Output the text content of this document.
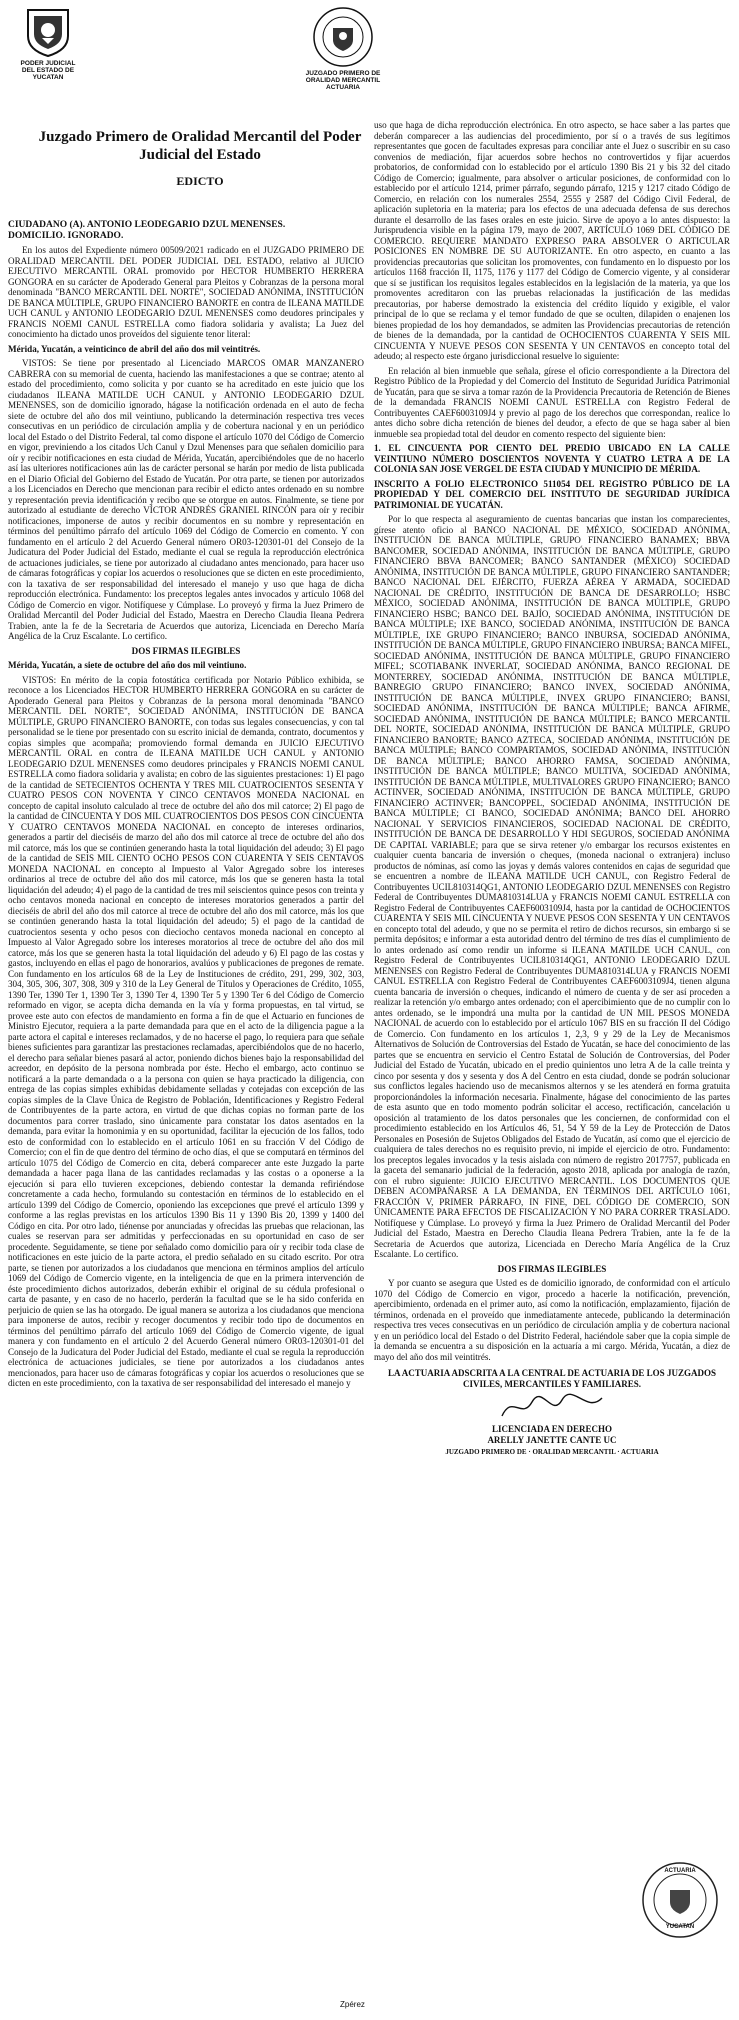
PODER JUDICIAL
DEL ESTADO DE
YUCATAN
JUZGADO PRIMERO DE
ORALIDAD MERCANTIL
ACTUARIA
Juzgado Primero de Oralidad Mercantil del Poder Judicial del Estado
EDICTO

CIUDADANO (A). ANTONIO LEODEGARIO DZUL MENENSES.
DOMICILIO. IGNORADO.

En los autos del Expediente número 00509/2021 radicado en el JUZGADO PRIMERO DE ORALIDAD MERCANTIL DEL PODER JUDICIAL DEL ESTADO, relativo al JUICIO EJECUTIVO MERCANTIL ORAL promovido por HECTOR HUMBERTO HERRERA GONGORA en su carácter de Apoderado General para Pleitos y Cobranzas de la persona moral denominada "BANCO MERCANTIL DEL NORTE", SOCIEDAD ANÓNIMA, INSTITUCIÓN DE BANCA MÚLTIPLE, GRUPO FINANCIERO BANORTE en contra de ILEANA MATILDE UCH CANUL y ANTONIO LEODEGARIO DZUL MENENSES como deudores principales y FRANCIS NOEMI CANUL ESTRELLA como fiadora solidaria y avalista; La Juez del conocimiento ha dictado unos proveídos del siguiente tenor literal:

Mérida, Yucatán, a veinticinco de abril del año dos mil veintitrés.

VISTOS: Se tiene por presentado al Licenciado MARCOS OMAR MANZANERO CABRERA con su memorial de cuenta, haciendo las manifestaciones a que se contrae; atento al estado del procedimiento, como solicita y por cuanto se ha acreditado en este juicio que los ciudadanos ILEANA MATILDE UCH CANUL y ANTONIO LEODEGARIO DZUL MENENSES, son de domicilio ignorado, hágase la notificación ordenada en el auto de fecha siete de octubre del año dos mil veintiuno, publicando la determinación respectiva tres veces consecutivas en un periódico de circulación amplia y de cobertura nacional y en un periódico local del Estado o del Distrito Federal, tal como dispone el artículo 1070 del Código de Comercio en vigor, previniendo a los citados Uch Canul y Dzul Menenses para que señalen domicilio para oír y recibir notificaciones en esta ciudad de Mérida, Yucatán, apercibiéndoles que de no hacerlo así las ulteriores notificaciones aún las de carácter personal se harán por medio de lista publicada en el Diario Oficial del Gobierno del Estado de Yucatán. Por otra parte, se tienen por autorizados a los Licenciados en Derecho que mencionan para recibir el edicto antes ordenado en su nombre y representación previa identificación y recibo que se otorgue en autos. Finalmente, se tiene por autorizado al estudiante de derecho VÍCTOR ANDRÉS GRANIEL RINCÓN para oír y recibir notificaciones, imponerse de autos y recibir documentos en su nombre y representación en términos del penúltimo párrafo del artículo 1069 del Código de Comercio en comento. Y con fundamento en el artículo 2 del Acuerdo General número OR03-120301-01 del Consejo de la Judicatura del Poder Judicial del Estado, mediante el cual se regula la reproducción electrónica de actuaciones judiciales, se tiene por autorizado al ciudadano antes mencionado, para hacer uso de cámaras fotográficas y copiar los acuerdos o resoluciones que se dicten en este procedimiento, con la taxativa de ser responsabilidad del interesado el manejo y uso que haga de dicha reproducción electrónica. Fundamento: los preceptos legales antes invocados y artículo 1068 del Código de Comercio en vigor. Notifíquese y Cúmplase. Lo proveyó y firma la Juez Primero de Oralidad Mercantil del Poder Judicial del Estado, Maestra en Derecho Claudia Ileana Pedrera Trabien, ante la fe de la Secretaria de Acuerdos que autoriza, Licenciada en Derecho María Angélica de la Cruz Escalante. Lo certifico.

DOS FIRMAS ILEGIBLES

Mérida, Yucatán, a siete de octubre del año dos mil veintiuno.

VISTOS: En mérito de la copia fotostática certificada por Notario Público exhibida, se reconoce a los Licenciados HECTOR HUMBERTO HERRERA GONGORA en su carácter de Apoderado General para Pleitos y Cobranzas de la persona moral denominada "BANCO MERCANTIL DEL NORTE", SOCIEDAD ANÓNIMA, INSTITUCIÓN DE BANCA MÚLTIPLE, GRUPO FINANCIERO BANORTE, con todas sus legales consecuencias, y con tal personalidad se le tiene por presentado con su escrito inicial de demanda, contrato, documentos y copias simples que acompaña; promoviendo formal demanda en JUICIO EJECUTIVO MERCANTIL ORAL en contra de ILEANA MATILDE UCH CANUL y ANTONIO LEODEGARIO DZUL MENENSES como deudores principales y FRANCIS NOEMI CANUL ESTRELLA como fiadora solidaria y avalista; en cobro de las siguientes prestaciones: 1) El pago de la cantidad de SETECIENTOS OCHENTA Y TRES MIL CUATROCIENTOS SESENTA Y CUATRO PESOS CON NOVENTA Y CINCO CENTAVOS MONEDA NACIONAL en concepto de capital insoluto calculado al trece de octubre del año dos mil catorce; 2) El pago de la cantidad de CINCUENTA Y DOS MIL CUATROCIENTOS DOS PESOS CON CINCUENTA Y CUATRO CENTAVOS MONEDA NACIONAL en concepto de intereses ordinarios, generados a partir del dieciséis de marzo del año dos mil catorce al trece de octubre del año dos mil catorce, más los que se continúen generando hasta la total liquidación del adeudo; 3) El pago de la cantidad de SEIS MIL CIENTO OCHO PESOS CON CUARENTA Y SEIS CENTAVOS MONEDA NACIONAL en concepto al Impuesto al Valor Agregado sobre los intereses ordinarios al trece de octubre del año dos mil catorce, más los que se generen hasta la total liquidación del adeudo; 4) el pago de la cantidad de tres mil seiscientos quince pesos con treinta y ocho centavos moneda nacional en concepto de intereses moratorios generados a partir del dieciséis de abril del año dos mil catorce al trece de octubre del año dos mil catorce, más los que se continúen generando hasta la total liquidación del adeudo; 5) el pago de la cantidad de cuatrocientos sesenta y ocho pesos con dieciocho centavos moneda nacional en concepto al Impuesto al Valor Agregado sobre los intereses moratorios al trece de octubre del año dos mil catorce, más los que se generen hasta la total liquidación del adeudo y 6) El pago de las costas y gastos, incluyendo en ellas el pago de honorarios, avalúos y publicaciones de pregones de remate. Con fundamento en los artículos 68 de la Ley de Instituciones de crédito, 291, 299, 302, 303, 304, 305, 306, 307, 308, 309 y 310 de la Ley General de Títulos y Operaciones de Crédito, 1055, 1390 Ter, 1390 Ter 1, 1390 Ter 3, 1390 Ter 4, 1390 Ter 5 y 1390 Ter 6 del Código de Comercio reformado en vigor, se acepta dicha demanda en la vía y forma propuestas, en tal virtud, se provee este auto con efectos de mandamiento en forma a fin de que el Actuario en funciones de Ministro Ejecutor, requiera a la parte demandada para que en el acto de la diligencia pague a la parte actora el capital e intereses reclamados, y de no hacerse el pago, lo requiera para que señale bienes suficientes para garantizar las prestaciones reclamadas, apercibiéndolos que de no hacerlo, el derecho para señalar bienes pasará al actor, poniendo dichos bienes bajo la responsabilidad del acreedor, en depósito de la persona nombrada por éste. Hecho el embargo, acto continuo se notificará a la parte demandada o a la persona con quien se haya practicado la diligencia, con entrega de las copias simples exhibidas debidamente selladas y cotejadas con excepción de las copias simples de la Clave Única de Registro de Población, Identificaciones y Registro Federal de Contribuyentes de la parte actora, en virtud de que dichas copias no forman parte de los documentos para correr traslado, sino únicamente para constatar los datos asentados en la demanda, para evitar la homonimia y en su oportunidad, facilitar la ejecución de los fallos, todo esto de conformidad con lo establecido en el artículo 1061 en su fracción V del Código de Comercio; con el fin de que dentro del término de ocho días, el que se computará en términos del artículo 1075 del Código de Comercio en cita, deberá comparecer ante este Juzgado la parte demandada a hacer paga llana de las cantidades reclamadas y las costas o a oponerse a la ejecución si para ello tuvieren excepciones, debiendo contestar la demanda refiriéndose concretamente a cada hecho, formulando su contestación en términos de lo establecido en el artículo 1399 del Código de Comercio, oponiendo las excepciones que prevé el artículo 1399 y conforme a las reglas previstas en los artículos 1390 Bis 11 y 1390 Bis 20, 1399 y 1400 del Código en cita. Por otro lado, tiénense por anunciadas y ofrecidas las pruebas que relacionan, las cuales se reservan para ser admitidas y perfeccionadas en su oportunidad en caso de ser procedente. Seguidamente, se tiene por señalado como domicilio para oír y recibir toda clase de notificaciones en este juicio de la parte actora, el predio señalado en su citado escrito. Por otra parte, se tienen por autorizados a los ciudadanos que menciona en términos amplios del artículo 1069 del Código de Comercio vigente, en la inteligencia de que en la primera intervención de éste procedimiento dichos autorizados, deberán exhibir el original de su cédula profesional o carta de pasante, y en caso de no hacerlo, perderán la facultad que se le ha sido conferida en perjuicio de quien se las ha otorgado. De igual manera se autoriza a los ciudadanos que menciona para imponerse de autos, recibir y recoger documentos y recibir todo tipo de documentos en términos del penúltimo párrafo del artículo 1069 del Código de Comercio vigente, de igual manera y con fundamento en el artículo 2 del Acuerdo General número OR03-120301-01 del Consejo de la Judicatura del Poder Judicial del Estado, mediante el cual se regula la reproducción electrónica de actuaciones judiciales, se tiene por autorizados a los ciudadanos antes mencionados, para hacer uso de cámaras fotográficas y copiar los acuerdos o resoluciones que se dicten en este procedimiento, con la taxativa de ser responsabilidad del interesado el manejo y

uso que haga de dicha reproducción electrónica. En otro aspecto, se hace saber a las partes que deberán comparecer a las audiencias del procedimiento, por sí o a través de sus legítimos representantes que gocen de facultades expresas para conciliar ante el Juez o suscribir en su caso convenios de mediación, fijar acuerdos sobre hechos no controvertidos y fijar acuerdos probatorios, de conformidad con lo establecido por el artículo 1390 Bis 21 y bis 32 del citado Código de Comercio; igualmente, para absolver o articular posiciones, de conformidad con lo establecido por el artículo 1214, primer párrafo, segundo párrafo, 1215 y 1217 citado Código de Comercio, en relación con los numerales 2554, 2555 y 2587 del Código Civil Federal, de aplicación supletoria en la materia; para los efectos de una adecuada defensa de sus derechos durante el desarrollo de las fases orales en este juicio. Sirve de apoyo a lo antes dispuesto: la Jurisprudencia visible en la página 179, mayo de 2007, ARTÍCULO 1069 DEL CÓDIGO DE COMERCIO. REQUIERE MANDATO EXPRESO PARA ABSOLVER O ARTICULAR POSICIONES EN NOMBRE DE SU AUTORIZANTE. En otro aspecto, en cuanto a las providencias precautorias que solicitan los promoventes, con fundamento en lo dispuesto por los artículos 1168 fracción II, 1175, 1176 y 1177 del Código de Comercio vigente, y al considerar que sí se justifican los requisitos legales establecidos en la legislación de la materia, ya que los promoventes acreditaron con las pruebas relacionadas la justificación de las medidas precautorias, por haberse demostrado la existencia del crédito líquido y exigible, el valor principal de lo que se reclama y el temor fundado de que se oculten, dilapiden o enajenen los bienes propiedad de los hoy demandados, se admiten las Providencias precautorias de retención de bienes de la demandada, por la cantidad de OCHOCIENTOS CUARENTA Y SEIS MIL CINCUENTA Y NUEVE PESOS CON SESENTA Y UN CENTAVOS en concepto total del adeudo; al respecto este órgano jurisdiccional resuelve lo siguiente:

En relación al bien inmueble que señala, gírese el oficio correspondiente a la Directora del Registro Público de la Propiedad y del Comercio del Instituto de Seguridad Jurídica Patrimonial de Yucatán, para que se sirva a tomar razón de la Providencia Precautoria de Retención de Bienes de la demandada FRANCIS NOEMI CANUL ESTRELLA con Registro Federal de Contribuyentes CAEF6003109J4 y previo al pago de los derechos que correspondan, realice lo antes dicho sobre dicha retención de bienes del deudor, a efecto de que se haga saber al bien inmueble sea propiedad total del deudor en comento respecto del siguiente bien:

1. EL CINCUENTA POR CIENTO DEL PREDIO UBICADO EN LA CALLE VEINTIUNO NÚMERO DOSCIENTOS NOVENTA Y CUATRO LETRA A DE LA COLONIA SAN JOSE VERGEL DE ESTA CIUDAD Y MUNICIPIO DE MÉRIDA.

INSCRITO A FOLIO ELECTRONICO 511054 DEL REGISTRO PÚBLICO DE LA PROPIEDAD Y DEL COMERCIO DEL INSTITUTO DE SEGURIDAD JURÍDICA PATRIMONIAL DE YUCATÁN.

Por lo que respecta al aseguramiento de cuentas bancarias que instan los comparecientes, gírese atento oficio al BANCO NACIONAL DE MÉXICO, SOCIEDAD ANÓNIMA, INSTITUCIÓN DE BANCA MÚLTIPLE, GRUPO FINANCIERO BANAMEX; BBVA BANCOMER, SOCIEDAD ANÓNIMA, INSTITUCIÓN DE BANCA MÚLTIPLE, GRUPO FINANCIERO BBVA BANCOMER; BANCO SANTANDER (MÉXICO) SOCIEDAD ANÓNIMA, INSTITUCIÓN DE BANCA MÚLTIPLE, GRUPO FINANCIERO SANTANDER; BANCO NACIONAL DEL EJÉRCITO, FUERZA AÉREA Y ARMADA, SOCIEDAD NACIONAL DE CRÉDITO, INSTITUCIÓN DE BANCA DE DESARROLLO; HSBC MÉXICO, SOCIEDAD ANÓNIMA, INSTITUCIÓN DE BANCA MÚLTIPLE, GRUPO FINANCIERO HSBC; BANCO DEL BAJÍO, SOCIEDAD ANÓNIMA, INSTITUCIÓN DE BANCA MÚLTIPLE; IXE BANCO, SOCIEDAD ANÓNIMA, INSTITUCIÓN DE BANCA MÚLTIPLE, IXE GRUPO FINANCIERO; BANCO INBURSA, SOCIEDAD ANÓNIMA, INSTITUCIÓN DE BANCA MÚLTIPLE, GRUPO FINANCIERO INBURSA; BANCA MIFEL, SOCIEDAD ANÓNIMA, INSTITUCIÓN DE BANCA MÚLTIPLE, GRUPO FINANCIERO MIFEL; SCOTIABANK INVERLAT, SOCIEDAD ANÓNIMA, BANCO REGIONAL DE MONTERREY, SOCIEDAD ANÓNIMA, INSTITUCIÓN DE BANCA MÚLTIPLE, BANREGIO GRUPO FINANCIERO; BANCO INVEX, SOCIEDAD ANÓNIMA, INSTITUCIÓN DE BANCA MÚLTIPLE, INVEX GRUPO FINANCIERO; BANSI, SOCIEDAD ANÓNIMA, INSTITUCIÓN DE BANCA MÚLTIPLE; BANCA AFIRME, SOCIEDAD ANÓNIMA, INSTITUCIÓN DE BANCA MÚLTIPLE; BANCO MERCANTIL DEL NORTE, SOCIEDAD ANÓNIMA, INSTITUCIÓN DE BANCA MÚLTIPLE, GRUPO FINANCIERO BANORTE; BANCO AZTECA, SOCIEDAD ANÓNIMA, INSTITUCIÓN DE BANCA MÚLTIPLE; BANCO COMPARTAMOS, SOCIEDAD ANÓNIMA, INSTITUCIÓN DE BANCA MÚLTIPLE; BANCO AHORRO FAMSA, SOCIEDAD ANÓNIMA, INSTITUCIÓN DE BANCA MÚLTIPLE; BANCO MULTIVA, SOCIEDAD ANÓNIMA, INSTITUCIÓN DE BANCA MÚLTIPLE, MULTIVALORES GRUPO FINANCIERO; BANCO ACTINVER, SOCIEDAD ANÓNIMA, INSTITUCIÓN DE BANCA MÚLTIPLE, GRUPO FINANCIERO ACTINVER; BANCOPPEL, SOCIEDAD ANÓNIMA, INSTITUCIÓN DE BANCA MÚLTIPLE; CI BANCO, SOCIEDAD ANÓNIMA; BANCO DEL AHORRO NACIONAL Y SERVICIOS FINANCIEROS, SOCIEDAD NACIONAL DE CRÉDITO, INSTITUCIÓN DE BANCA DE DESARROLLO Y HDI SEGUROS, SOCIEDAD ANÓNIMA DE CAPITAL VARIABLE; para que se sirva retener y/o embargar los recursos existentes en cualquier cuenta bancaria de inversión o cheques, (moneda nacional o extranjera) incluso productos de nóminas, así como las joyas y demás valores contenidos en cajas de seguridad que se encuentren a nombre de ILEANA MATILDE UCH CANUL, con Registro Federal de Contribuyentes UCIL810314QG1, ANTONIO LEODEGARIO DZUL MENENSES con Registro Federal de Contribuyentes DUMA810314LUA y FRANCIS NOEMI CANUL ESTRELLA con Registro Federal de Contribuyentes CAEF6003109J4, hasta por la cantidad de OCHOCIENTOS CUARENTA Y SEIS MIL CINCUENTA Y NUEVE PESOS CON SESENTA Y UN CENTAVOS en concepto total del adeudo, y que no se permita el retiro de dichos recursos, sin embargo si se permita depósitos; e informar a esta autoridad dentro del término de tres días el cumplimiento de lo antes ordenado así como rendir un informe si ILEANA MATILDE UCH CANUL, con Registro Federal de Contribuyentes UCIL810314QG1, ANTONIO LEODEGARIO DZUL MENENSES con Registro Federal de Contribuyentes DUMA810314LUA y FRANCIS NOEMI CANUL ESTRELLA con Registro Federal de Contribuyentes CAEF6003109J4, tienen alguna cuenta bancaria de inversión o cheques, indicando el número de cuenta y de ser así proceden a realizar la retención y/o embargo antes ordenado; con el apercibimiento que de no cumplir con lo antes ordenado, se le impondrá una multa por la cantidad de UN MIL PESOS MONEDA NACIONAL de acuerdo con lo establecido por el artículo 1067 BIS en su fracción II del Código de Comercio. Con fundamento en los artículos 1, 2,3, 9 y 29 de la Ley de Mecanismos Alternativos de Solución de Controversias del Estado de Yucatán, se hace del conocimiento de las partes que se encuentra en servicio el Centro Estatal de Solución de Controversias, del Poder Judicial del Estado de Yucatán, ubicado en el predio quinientos uno letra A de la calle treinta y cinco por sesenta y dos y sesenta y dos A del Centro en esta ciudad, donde se podrán solucionar sus conflictos legales haciendo uso de mecanismos alternos y se les atenderá en forma gratuita proporcionándoles la información necesaria. Finalmente, hágase del conocimiento de las partes de esta asunto que en todo momento podrán solicitar el acceso, rectificación, cancelación u oposición al tratamiento de los datos personales que les conciernen, de conformidad con el procedimiento establecido en los Artículos 46, 51, 54 Y 59 de la Ley de Protección de Datos Personales en Posesión de Sujetos Obligados del Estado de Yucatán, así como que el ejercicio de cualquiera de tales derechos no es requisito previo, ni impide el ejercicio de otro. Fundamento: los preceptos legales invocados y la tesis aislada con número de registro 2017757, publicada en la gaceta del semanario judicial de la federación, agosto 2018, aplicada por analogía de razón, con el rubro siguiente: JUICIO EJECUTIVO MERCANTIL. LOS DOCUMENTOS QUE DEBEN ACOMPAÑARSE A LA DEMANDA, EN TÉRMINOS DEL ARTÍCULO 1061, FRACCIÓN V, PRIMER PÁRRAFO, IN FINE, DEL CÓDIGO DE COMERCIO, SON ÚNICAMENTE PARA EFECTOS DE FISCALIZACIÓN Y NO PARA CORRER TRASLADO. Notifíquese y Cúmplase. Lo proveyó y firma la Juez Primero de Oralidad Mercantil del Poder Judicial del Estado, Maestra en Derecho Claudia Ileana Pedrera Trabien, ante la fe de la Secretaria de Acuerdos que autoriza, Licenciada en Derecho María Angélica de la Cruz Escalante. Lo certifico.

DOS FIRMAS ILEGIBLES

Y por cuanto se asegura que Usted es de domicilio ignorado, de conformidad con el artículo 1070 del Código de Comercio en vigor, procedo a hacerle la notificación, prevención, apercibimiento, ordenada en el primer auto, así como la notificación, emplazamiento, fijación de términos, ordenada en el proveído que inmediatamente antecede, publicando la determinación respectiva tres veces consecutivas en un periódico de circulación amplia y de cobertura nacional y en un periódico local del Estado o del Distrito Federal, haciéndole saber que la copia simple de la demanda se encuentra a su disposición en la actuaría a mi cargo. Mérida, Yucatán, a diez de mayo del año dos mil veintitrés.

LA ACTUARIA ADSCRITA A LA CENTRAL DE ACTUARIA DE LOS JUZGADOS
CIVILES, MERCANTILES Y FAMILIARES.
LICENCIADA EN DERECHO
ARELLY JANETTE CANTE UC
JUZGADO PRIMERO DE · ORALIDAD MERCANTIL · ACTUARIA
ACTUARIA
YUCATAN
Zpérez
